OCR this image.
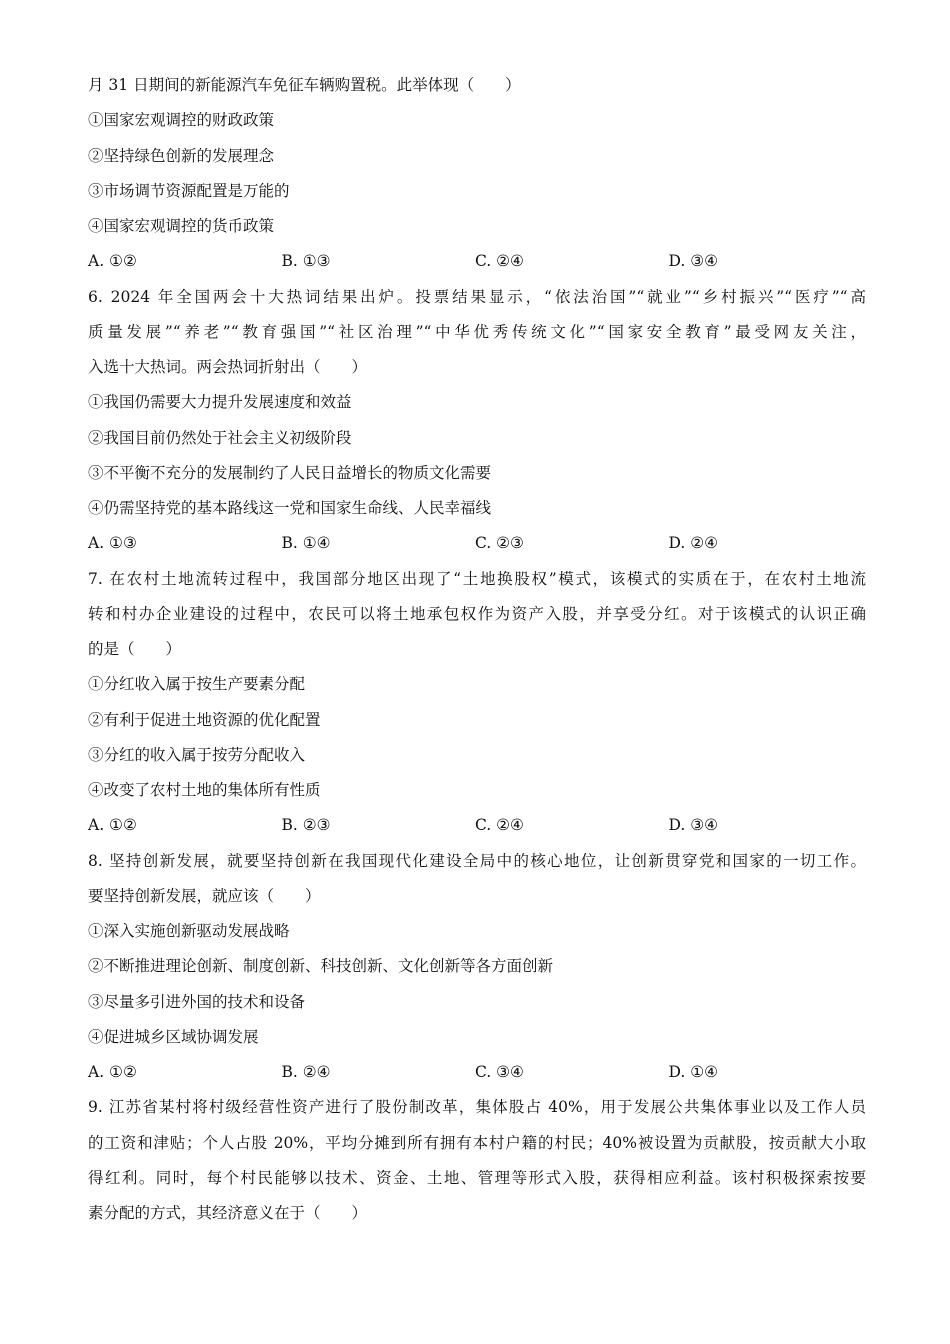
月 31 日期间的新能源汽车免征车辆购置税。此举体现（　　）
①国家宏观调控的财政政策
②坚持绿色创新的发展理念
③市场调节资源配置是万能的
④国家宏观调控的货币政策
A. ①②	B. ①③	C. ②④	D. ③④
6. 2024 年全国两会十大热词结果出炉。投票结果显示，“依法治国”“就业”“乡村振兴”“医疗”“高
质量发展”“养老”“教育强国”“社区治理”“中华优秀传统文化”“国家安全教育”最受网友关注，
入选十大热词。两会热词折射出（　　）
①我国仍需要大力提升发展速度和效益
②我国目前仍然处于社会主义初级阶段
③不平衡不充分的发展制约了人民日益增长的物质文化需要
④仍需坚持党的基本路线这一党和国家生命线、人民幸福线
A. ①③	B. ①④	C. ②③	D. ②④
7. 在农村土地流转过程中，我国部分地区出现了“土地换股权”模式，该模式的实质在于，在农村土地流
转和村办企业建设的过程中，农民可以将土地承包权作为资产入股，并享受分红。对于该模式的认识正确
的是（　　）
①分红收入属于按生产要素分配
②有利于促进土地资源的优化配置
③分红的收入属于按劳分配收入
④改变了农村土地的集体所有性质
A. ①②	B. ②③	C. ②④	D. ③④
8. 坚持创新发展，就要坚持创新在我国现代化建设全局中的核心地位，让创新贯穿党和国家的一切工作。
要坚持创新发展，就应该（　　）
①深入实施创新驱动发展战略
②不断推进理论创新、制度创新、科技创新、文化创新等各方面创新
③尽量多引进外国的技术和设备
④促进城乡区域协调发展
A. ①②	B. ②④	C. ③④	D. ①④
9. 江苏省某村将村级经营性资产进行了股份制改革，集体股占 40%，用于发展公共集体事业以及工作人员
的工资和津贴；个人占股 20%，平均分摊到所有拥有本村户籍的村民；40%被设置为贡献股，按贡献大小取
得红利。同时，每个村民能够以技术、资金、土地、管理等形式入股，获得相应利益。该村积极探索按要
素分配的方式，其经济意义在于（　　）
